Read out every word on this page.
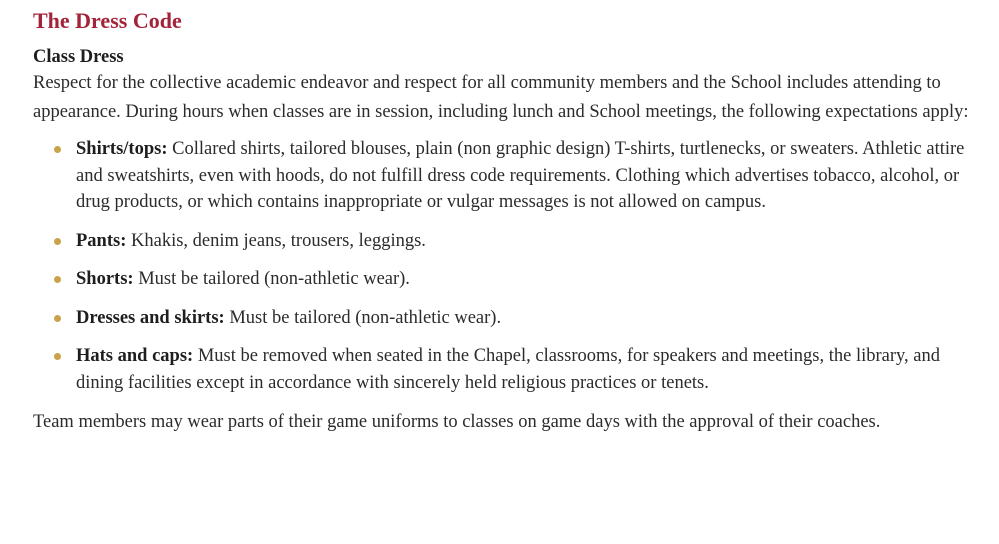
The Dress Code
Class Dress

Respect for the collective academic endeavor and respect for all community members and the School includes attending to appearance. During hours when classes are in session, including lunch and School meetings, the following expectations apply:

Shirts/tops: Collared shirts, tailored blouses, plain (non graphic design) T-shirts, turtlenecks, or sweaters. Athletic attire and sweatshirts, even with hoods, do not fulfill dress code requirements. Clothing which advertises tobacco, alcohol, or drug products, or which contains inappropriate or vulgar messages is not allowed on campus.
Pants: Khakis, denim jeans, trousers, leggings.
Shorts: Must be tailored (non-athletic wear).
Dresses and skirts: Must be tailored (non-athletic wear).
Hats and caps: Must be removed when seated in the Chapel, classrooms, for speakers and meetings, the library, and dining facilities except in accordance with sincerely held religious practices or tenets.

Team members may wear parts of their game uniforms to classes on game days with the approval of their coaches.
